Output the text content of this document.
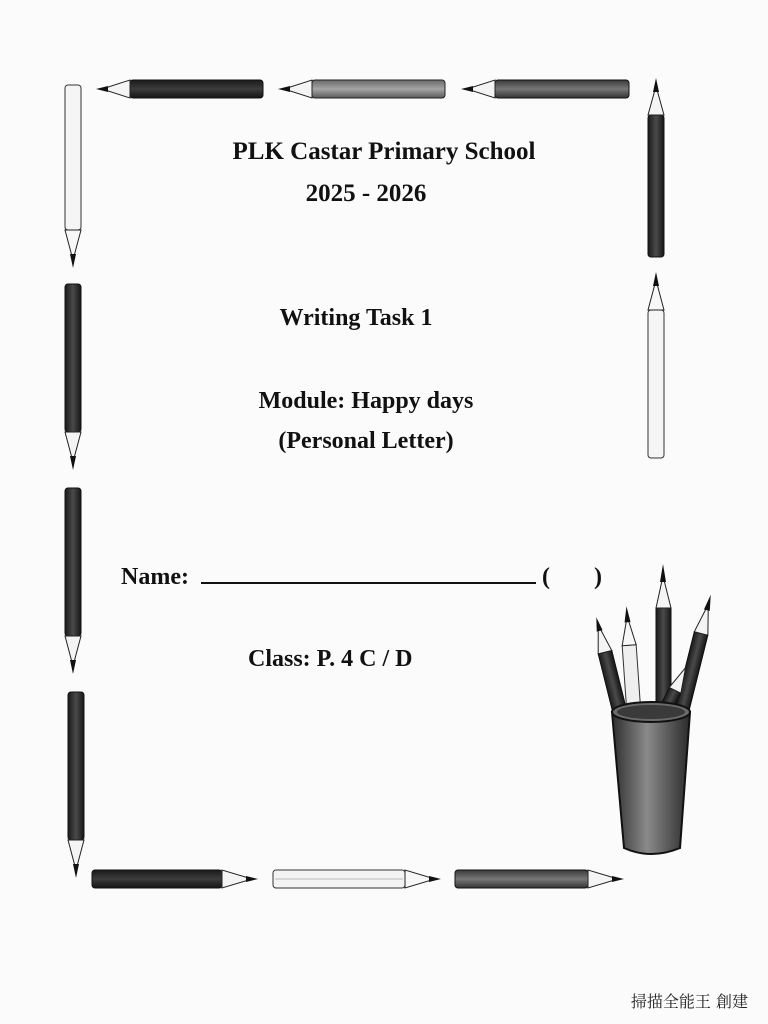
PLK Castar Primary School
2025 - 2026
Writing Task 1
Module: Happy days
(Personal Letter)
Name:	( )
Class: P. 4 C / D
掃描全能王 創建
